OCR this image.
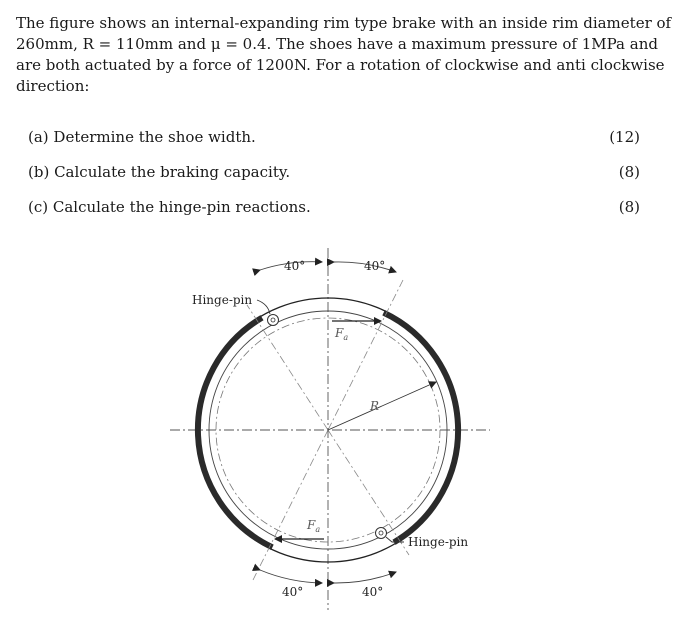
The figure shows an internal-expanding rim type brake with an inside rim diameter of
260mm, R = 110mm and μ = 0.4. The shoes have a maximum pressure of 1MPa and
are both actuated by a force of 1200N. For a rotation of clockwise and anti clockwise
direction:
(a) Determine the shoe width.	(12)
(b) Calculate the braking capacity.	(8)
(c) Calculate the hinge-pin reactions.	(8)
40°	40°
40°	40°
Hinge-pin
Hinge-pin
$F_a$
$F_a$
R
